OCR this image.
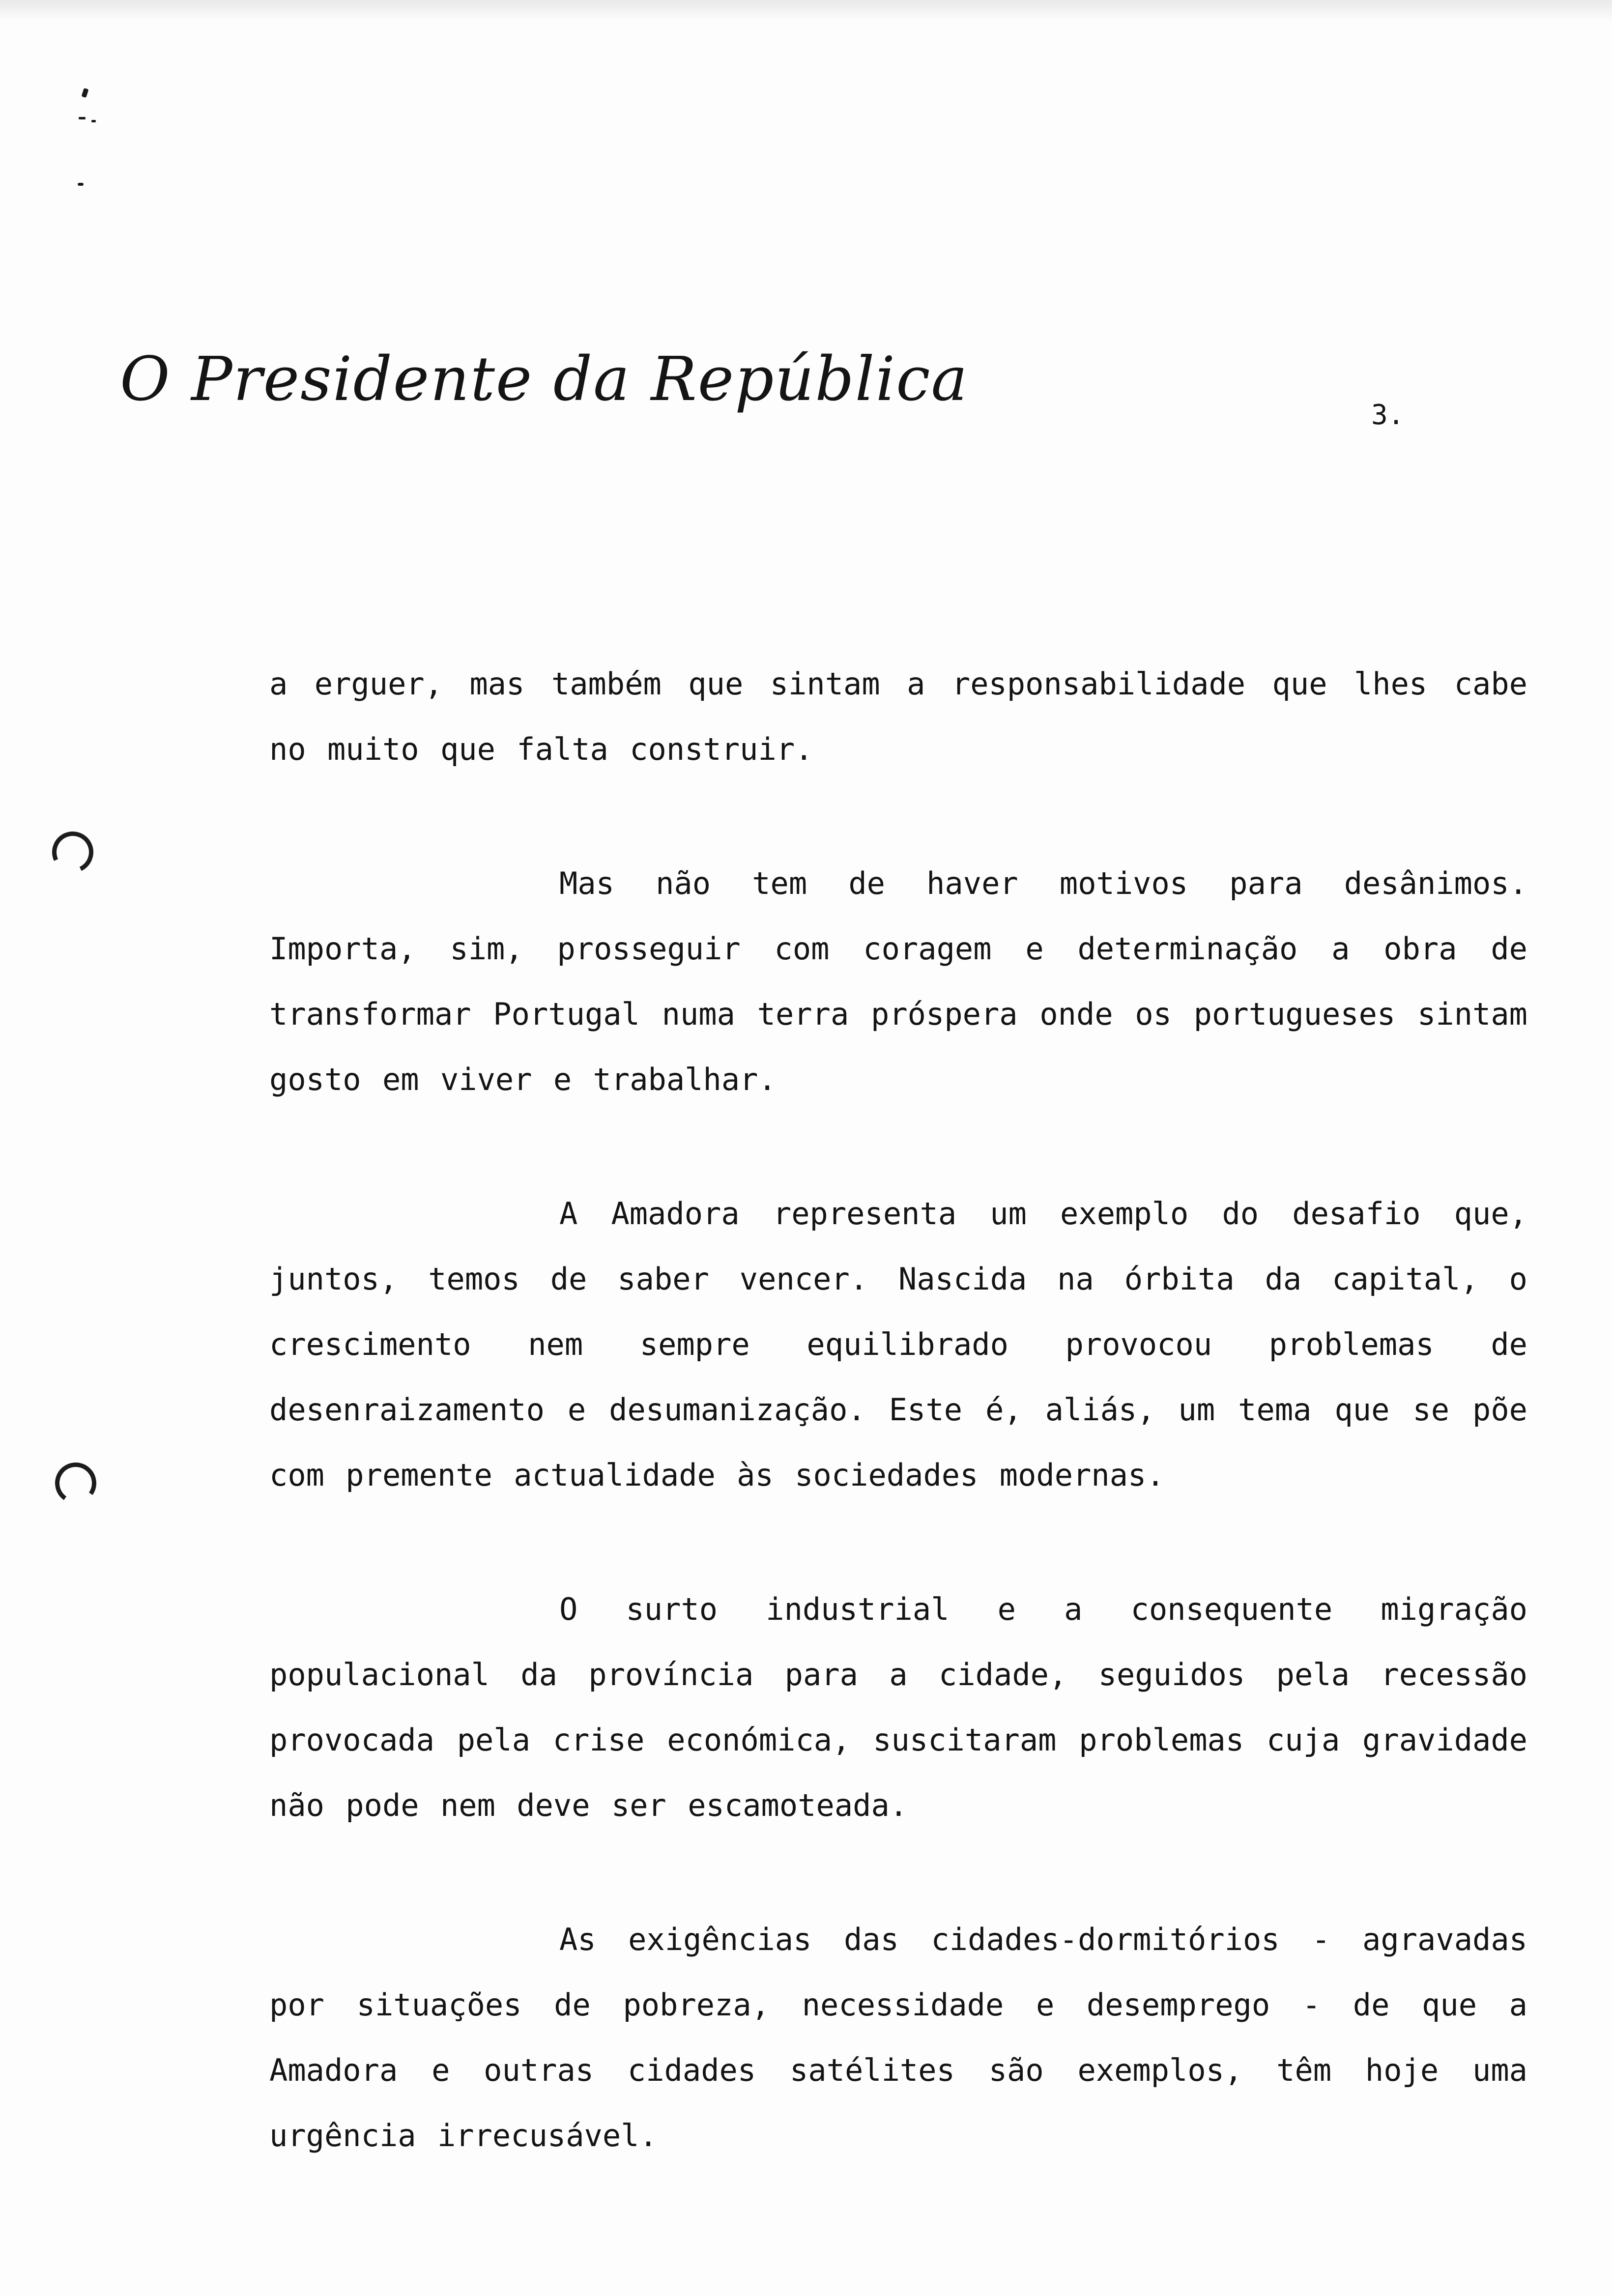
O Presidente da República
3.

a erguer, mas também que sintam a responsabilidade que lhes cabe no muito que falta construir.

Mas não tem de haver motivos para desânimos. Importa, sim, prosseguir com coragem e determinação a obra de transformar Portugal numa terra próspera onde os portugueses sintam gosto em viver e trabalhar.

A Amadora representa um exemplo do desafio que, juntos, temos de saber vencer. Nascida na órbita da capital, o crescimento nem sempre equilibrado provocou problemas de desenraizamento e desumanização. Este é, aliás, um tema que se põe com premente actualidade às sociedades modernas.

O surto industrial e a consequente migração populacional da província para a cidade, seguidos pela recessão provocada pela crise económica, suscitaram problemas cuja gravidade não pode nem deve ser escamoteada.

As exigências das cidades-dormitórios - agravadas por situações de pobreza, necessidade e desemprego - de que a Amadora e outras cidades satélites são exemplos, têm hoje uma urgência irrecusável.
